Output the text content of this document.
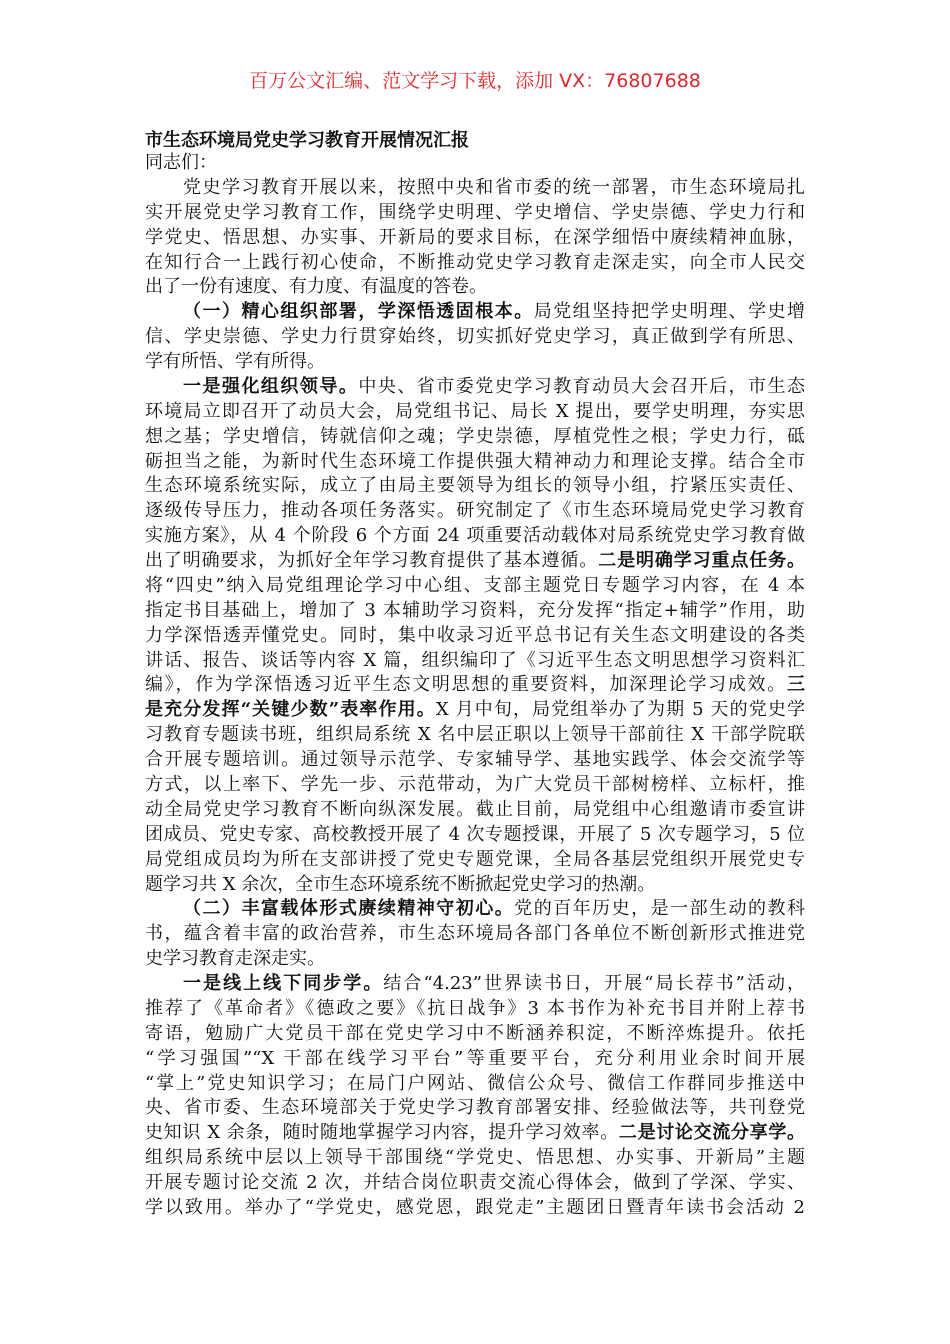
百万公文汇编、范文学习下载，添加 VX：76807688
市生态环境局党史学习教育开展情况汇报
同志们：
党史学习教育开展以来，按照中央和省市委的统一部署，市生态环境局扎
实开展党史学习教育工作，围绕学史明理、学史增信、学史崇德、学史力行和
学党史、悟思想、办实事、开新局的要求目标，在深学细悟中赓续精神血脉，
在知行合一上践行初心使命，不断推动党史学习教育走深走实，向全市人民交
出了一份有速度、有力度、有温度的答卷。
（一）精心组织部署，学深悟透固根本。局党组坚持把学史明理、学史增
信、学史崇德、学史力行贯穿始终，切实抓好党史学习，真正做到学有所思、
学有所悟、学有所得。
一是强化组织领导。中央、省市委党史学习教育动员大会召开后，市生态
环境局立即召开了动员大会，局党组书记、局长 X 提出，要学史明理，夯实思
想之基；学史增信，铸就信仰之魂；学史崇德，厚植党性之根；学史力行，砥
砺担当之能，为新时代生态环境工作提供强大精神动力和理论支撑。结合全市
生态环境系统实际，成立了由局主要领导为组长的领导小组，拧紧压实责任、
逐级传导压力，推动各项任务落实。研究制定了《市生态环境局党史学习教育
实施方案》，从 4 个阶段 6 个方面 24 项重要活动载体对局系统党史学习教育做
出了明确要求，为抓好全年学习教育提供了基本遵循。二是明确学习重点任务。
将“四史”纳入局党组理论学习中心组、支部主题党日专题学习内容，在 4 本
指定书目基础上，增加了 3 本辅助学习资料，充分发挥“指定+辅学”作用，助
力学深悟透弄懂党史。同时，集中收录习近平总书记有关生态文明建设的各类
讲话、报告、谈话等内容 X 篇，组织编印了《习近平生态文明思想学习资料汇
编》，作为学深悟透习近平生态文明思想的重要资料，加深理论学习成效。三
是充分发挥“关键少数”表率作用。X 月中旬，局党组举办了为期 5 天的党史学
习教育专题读书班，组织局系统 X 名中层正职以上领导干部前往 X 干部学院联
合开展专题培训。通过领导示范学、专家辅导学、基地实践学、体会交流学等
方式，以上率下、学先一步、示范带动，为广大党员干部树榜样、立标杆，推
动全局党史学习教育不断向纵深发展。截止目前，局党组中心组邀请市委宣讲
团成员、党史专家、高校教授开展了 4 次专题授课，开展了 5 次专题学习，5 位
局党组成员均为所在支部讲授了党史专题党课，全局各基层党组织开展党史专
题学习共 X 余次，全市生态环境系统不断掀起党史学习的热潮。
（二）丰富载体形式赓续精神守初心。党的百年历史，是一部生动的教科
书，蕴含着丰富的政治营养，市生态环境局各部门各单位不断创新形式推进党
史学习教育走深走实。
一是线上线下同步学。结合“4.23”世界读书日，开展“局长荐书”活动，
推荐了《革命者》《德政之要》《抗日战争》3 本书作为补充书目并附上荐书
寄语，勉励广大党员干部在党史学习中不断涵养积淀，不断淬炼提升。依托
“学习强国”“X 干部在线学习平台”等重要平台，充分利用业余时间开展
“掌上”党史知识学习；在局门户网站、微信公众号、微信工作群同步推送中
央、省市委、生态环境部关于党史学习教育部署安排、经验做法等，共刊登党
史知识 X 余条，随时随地掌握学习内容，提升学习效率。二是讨论交流分享学。
组织局系统中层以上领导干部围绕“学党史、悟思想、办实事、开新局”主题
开展专题讨论交流 2 次，并结合岗位职责交流心得体会，做到了学深、学实、
学以致用。举办了“学党史，感党恩，跟党走”主题团日暨青年读书会活动 2
